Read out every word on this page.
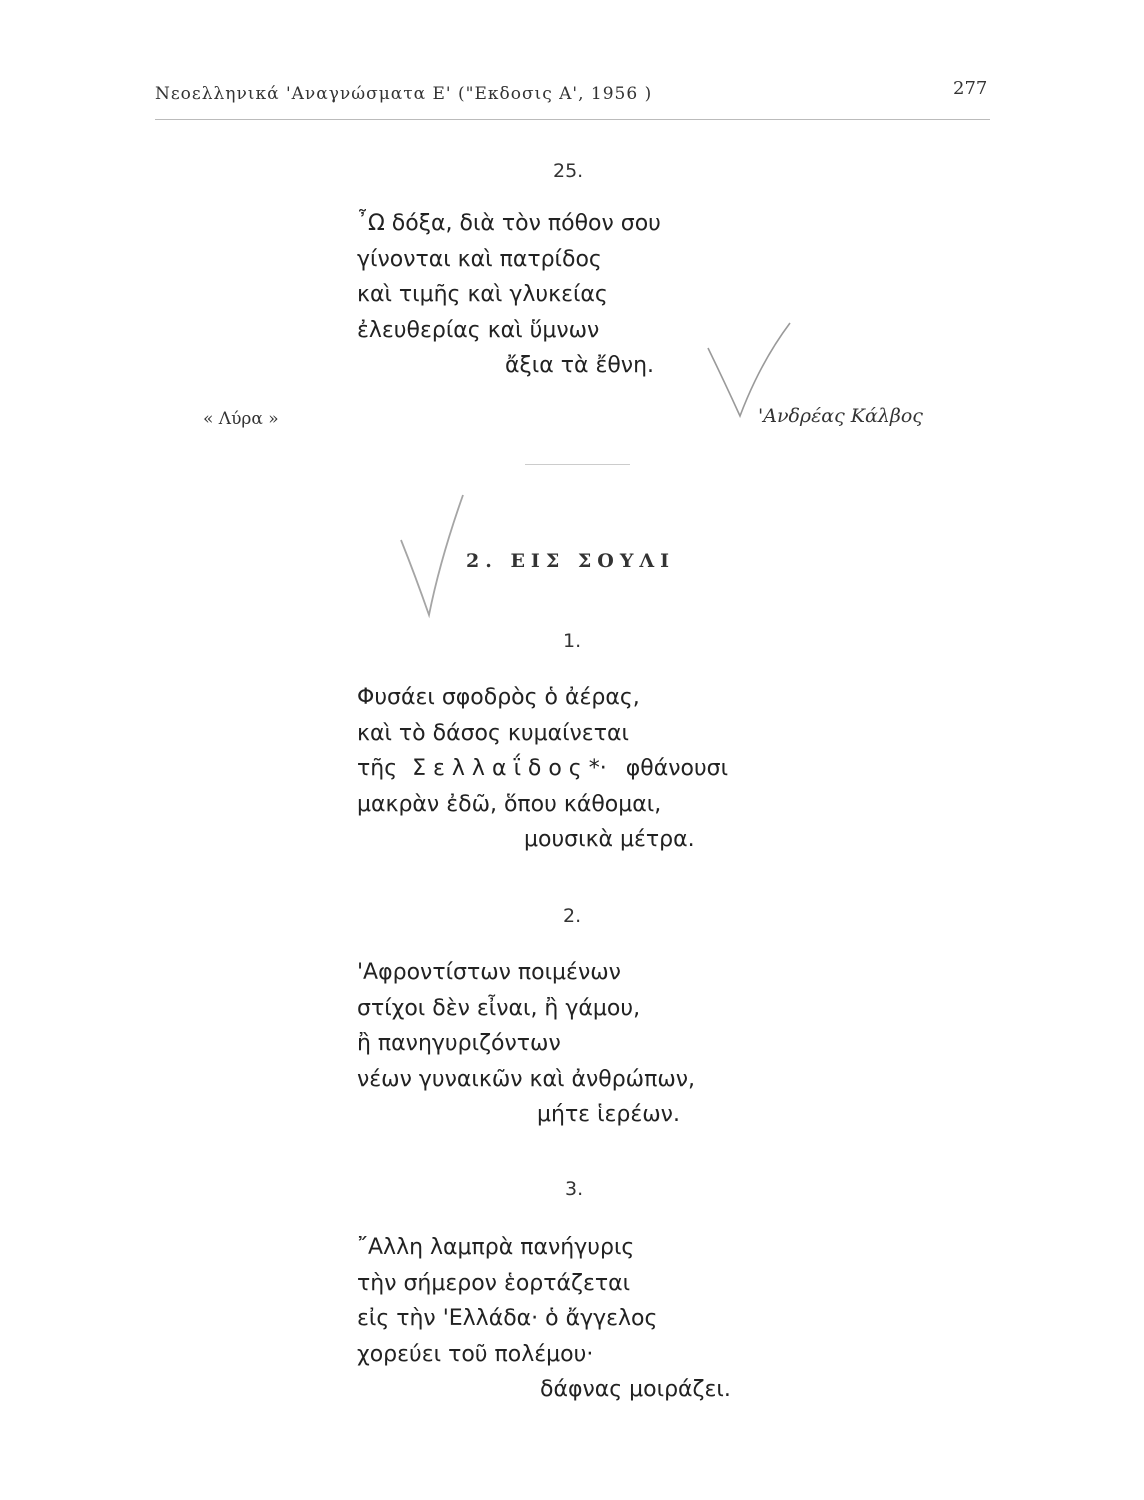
Νεοελληνικά 'Αναγνώσματα Ε' ("Εκδοσις Α', 1956 )	277
25.
῏Ω δόξα, διὰ τὸν πόθον σου
γίνονται καὶ πατρίδος
καὶ τιμῆς καὶ γλυκείας
ἐλευθερίας καὶ ὕμνων
ἄξια τὰ ἔθνη.
« Λύρα »	'Ανδρέας Κάλβος
2. ΕΙΣ ΣΟΥΛΙ
1.
Φυσάει σφοδρὸς ὁ ἀέρας,
καὶ τὸ δάσος κυμαίνεται
τῆς Σελλαΐδος*· φθάνουσι
μακρὰν ἐδῶ, ὅπου κάθομαι,
μουσικὰ μέτρα.
2.
'Αφροντίστων ποιμένων
στίχοι δὲν εἶναι, ἢ γάμου,
ἢ πανηγυριζόντων
νέων γυναικῶν καὶ ἀνθρώπων,
μήτε ἱερέων.
3.
῎Αλλη λαμπρὰ πανήγυρις
τὴν σήμερον ἑορτάζεται
εἰς τὴν 'Ελλάδα· ὁ ἄγγελος
χορεύει τοῦ πολέμου·
δάφνας μοιράζει.
